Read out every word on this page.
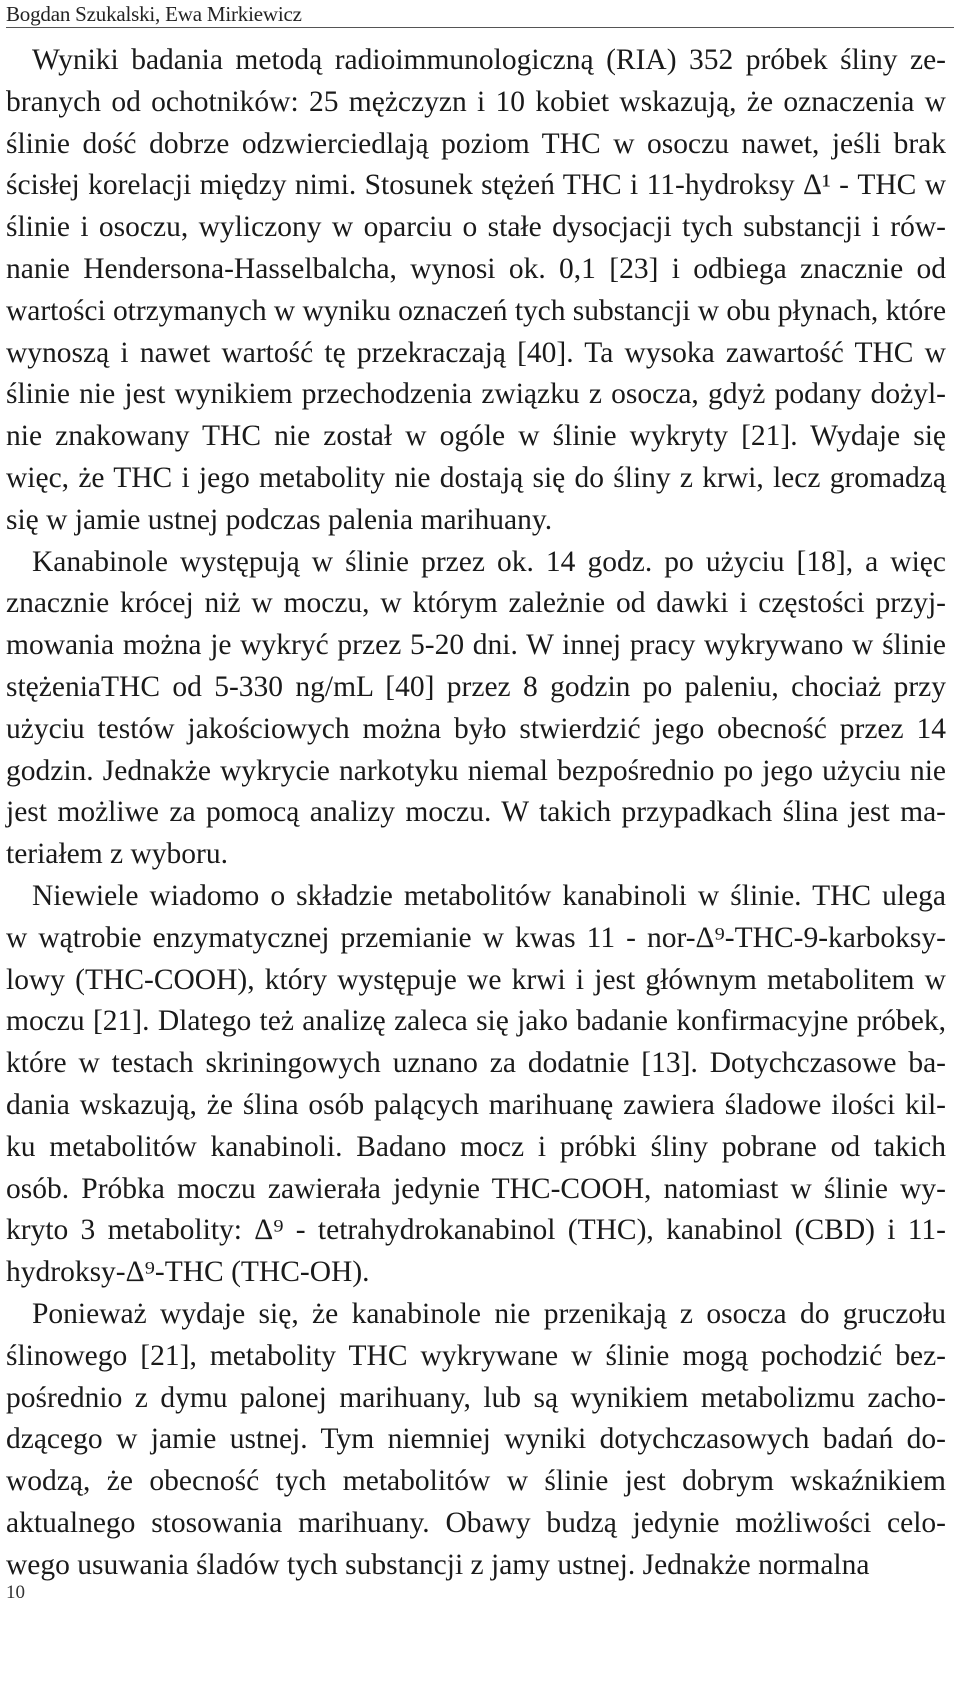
Bogdan Szukalski, Ewa Mirkiewicz
Wyniki badania metodą radioimmunologiczną (RIA) 352 próbek śliny ze-
branych od ochotników: 25 mężczyzn i 10 kobiet wskazują, że oznaczenia w
ślinie dość dobrze odzwierciedlają poziom THC w osoczu nawet, jeśli brak
ścisłej korelacji między nimi. Stosunek stężeń THC i 11-hydroksy Δ¹ - THC w
ślinie i osoczu, wyliczony w oparciu o stałe dysocjacji tych substancji i rów-
nanie Hendersona-Hasselbalcha, wynosi ok. 0,1 [23] i odbiega znacznie od
wartości otrzymanych w wyniku oznaczeń tych substancji w obu płynach, które
wynoszą i nawet wartość tę przekraczają [40]. Ta wysoka zawartość THC w
ślinie nie jest wynikiem przechodzenia związku z osocza, gdyż podany dożyl-
nie znakowany THC nie został w ogóle w ślinie wykryty [21]. Wydaje się
więc, że THC i jego metabolity nie dostają się do śliny z krwi, lecz gromadzą
się w jamie ustnej podczas palenia marihuany.
Kanabinole występują w ślinie przez ok. 14 godz. po użyciu [18], a więc
znacznie krócej niż w moczu, w którym zależnie od dawki i częstości przyj-
mowania można je wykryć przez 5-20 dni. W innej pracy wykrywano w ślinie
stężeniaTHC od 5-330 ng/mL [40] przez 8 godzin po paleniu, chociaż przy
użyciu testów jakościowych można było stwierdzić jego obecność przez 14
godzin. Jednakże wykrycie narkotyku niemal bezpośrednio po jego użyciu nie
jest możliwe za pomocą analizy moczu. W takich przypadkach ślina jest ma-
teriałem z wyboru.
Niewiele wiadomo o składzie metabolitów kanabinoli w ślinie. THC ulega
w wątrobie enzymatycznej przemianie w kwas 11 - nor-Δ⁹-THC-9-karboksy-
lowy (THC-COOH), który występuje we krwi i jest głównym metabolitem w
moczu [21]. Dlatego też analizę zaleca się jako badanie konfirmacyjne próbek,
które w testach skriningowych uznano za dodatnie [13]. Dotychczasowe ba-
dania wskazują, że ślina osób palących marihuanę zawiera śladowe ilości kil-
ku metabolitów kanabinoli. Badano mocz i próbki śliny pobrane od takich
osób. Próbka moczu zawierała jedynie THC-COOH, natomiast w ślinie wy-
kryto 3 metabolity: Δ⁹ - tetrahydrokanabinol (THC), kanabinol (CBD) i 11-
hydroksy-Δ⁹-THC (THC-OH).
Ponieważ wydaje się, że kanabinole nie przenikają z osocza do gruczołu
ślinowego [21], metabolity THC wykrywane w ślinie mogą pochodzić bez-
pośrednio z dymu palonej marihuany, lub są wynikiem metabolizmu zacho-
dzącego w jamie ustnej. Tym niemniej wyniki dotychczasowych badań do-
wodzą, że obecność tych metabolitów w ślinie jest dobrym wskaźnikiem
aktualnego stosowania marihuany. Obawy budzą jedynie możliwości celo-
wego usuwania śladów tych substancji z jamy ustnej. Jednakże normalna
10
